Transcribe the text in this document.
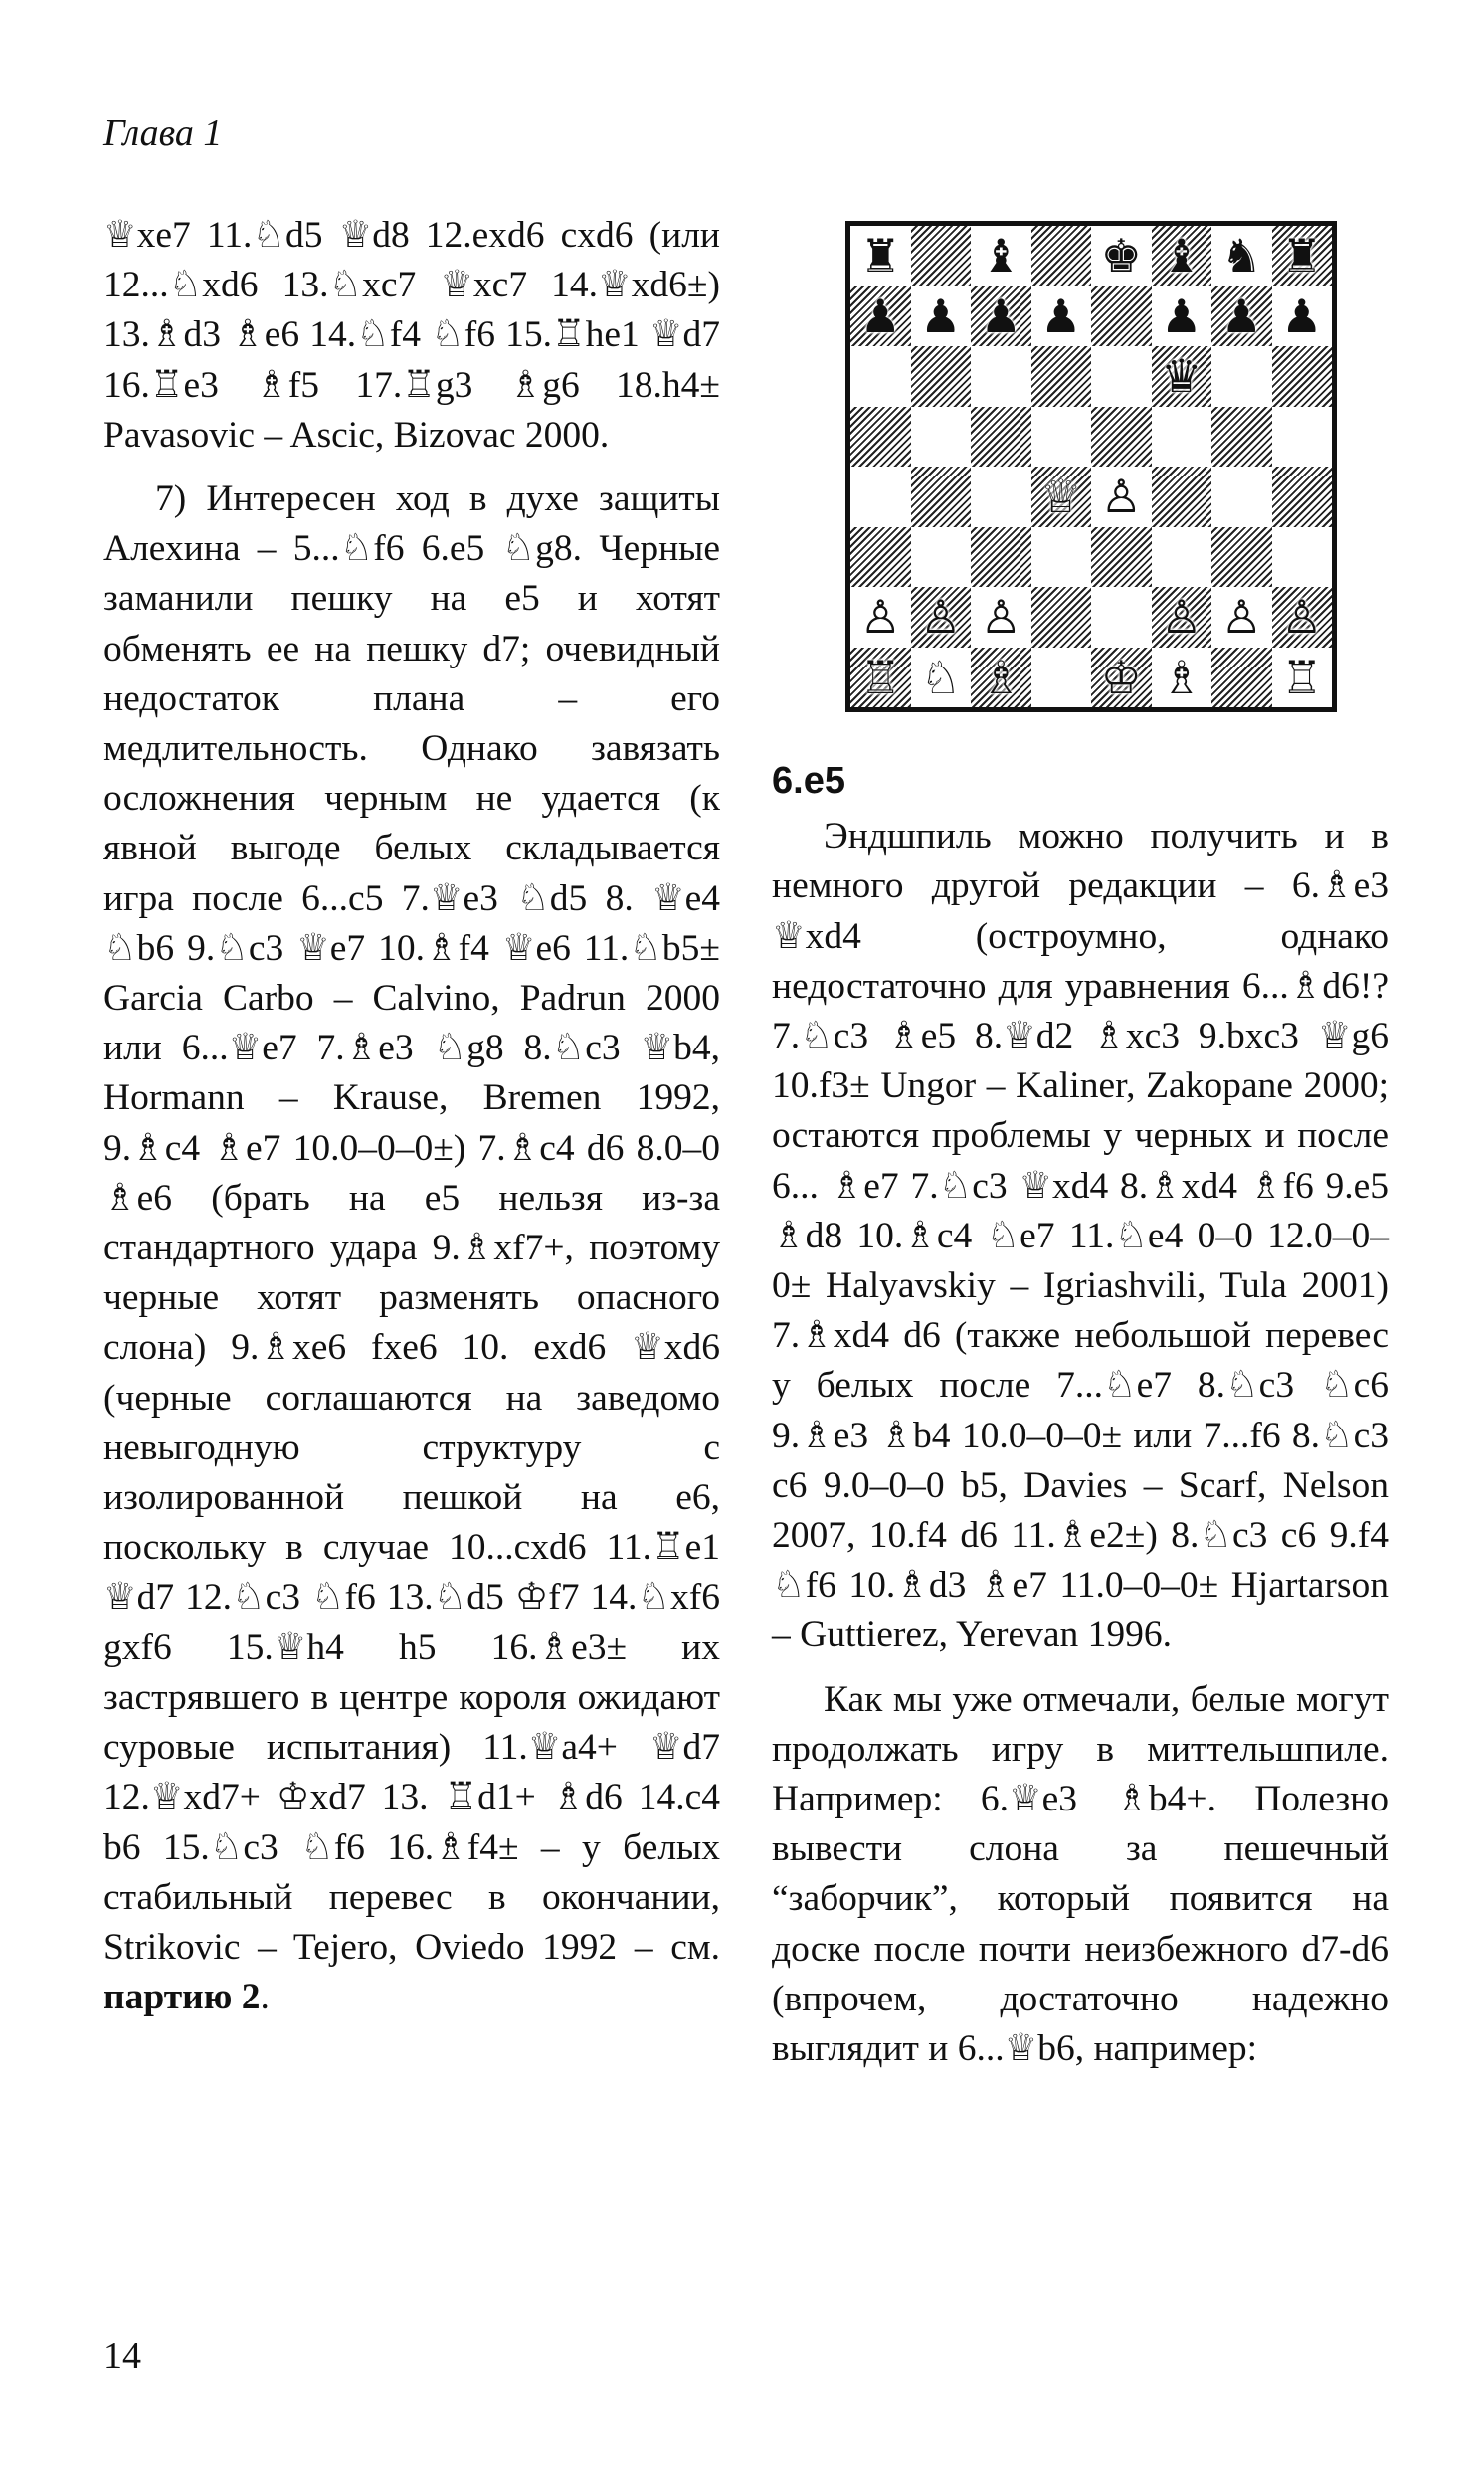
Глава 1

♕xe7 11.♘d5 ♕d8 12.exd6 cxd6 (или 12...♘xd6 13.♘xc7 ♕xc7 14.♕xd6±) 13.♗d3 ♗e6 14.♘f4 ♘f6 15.♖he1 ♕d7 16.♖e3 ♗f5 17.♖g3 ♗g6 18.h4± Pavasovic – Ascic, Bizovac 2000.

7) Интересен ход в духе защиты Алехина – 5...♘f6 6.e5 ♘g8. Черные заманили пешку на e5 и хотят обменять ее на пешку d7; очевидный недостаток плана – его медлительность. Однако завязать осложнения черным не удается (к явной выгоде белых складывается игра после 6...c5 7.♕e3 ♘d5 8. ♕e4 ♘b6 9.♘c3 ♕e7 10.♗f4 ♕e6 11.♘b5± Garcia Carbo – Calvino, Padrun 2000 или 6...♕e7 7.♗e3 ♘g8 8.♘c3 ♕b4, Hormann – Krause, Bremen 1992, 9.♗c4 ♗e7 10.0–0–0±) 7.♗c4 d6 8.0–0 ♗e6 (брать на e5 нельзя из-за стандартного удара 9.♗xf7+, поэтому черные хотят разменять опасного слона) 9.♗xe6 fxe6 10. exd6 ♕xd6 (черные соглашаются на заведомо невыгодную структуру с изолированной пешкой на e6, поскольку в случае 10...cxd6 11.♖e1 ♕d7 12.♘c3 ♘f6 13.♘d5 ♔f7 14.♘xf6 gxf6 15.♕h4 h5 16.♗e3± их застрявшего в центре короля ожидают суровые испытания) 11.♕a4+ ♕d7 12.♕xd7+ ♔xd7 13. ♖d1+ ♗d6 14.c4 b6 15.♘c3 ♘f6 16.♗f4± – у белых стабильный перевес в окончании, Strikovic – Tejero, Oviedo 1992 – см. партию 2.

♜ ♝ ♚ ♝ ♞ ♜
♟ ♟ ♟ ♟ ♟ ♟ ♟
♛
♕ ♙
♙ ♙ ♙	♙ ♙ ♙
♖ ♘ ♗ ♔ ♗ ♖
6.e5

Эндшпиль можно получить и в немного другой редакции – 6.♗e3 ♕xd4 (остроумно, однако недостаточно для уравнения 6...♗d6!? 7.♘c3 ♗e5 8.♕d2 ♗xc3 9.bxc3 ♕g6 10.f3± Ungor – Kaliner, Zakopane 2000; остаются проблемы у черных и после 6... ♗e7 7.♘c3 ♕xd4 8.♗xd4 ♗f6 9.e5 ♗d8 10.♗c4 ♘e7 11.♘e4 0–0 12.0–0–0± Halyavskiy – Igriashvili, Tula 2001) 7.♗xd4 d6 (также небольшой перевес у белых после 7...♘e7 8.♘c3 ♘c6 9.♗e3 ♗b4 10.0–0–0± или 7...f6 8.♘c3 c6 9.0–0–0 b5, Davies – Scarf, Nelson 2007, 10.f4 d6 11.♗e2±) 8.♘c3 c6 9.f4 ♘f6 10.♗d3 ♗e7 11.0–0–0± Hjartarson – Guttierez, Yerevan 1996.

Как мы уже отмечали, белые могут продолжать игру в миттельшпиле. Например: 6.♕e3 ♗b4+. Полезно вывести слона за пешечный “заборчик”, который появится на доске после почти неизбежного d7-d6 (впрочем, достаточно надежно выглядит и 6...♕b6, например:

14
